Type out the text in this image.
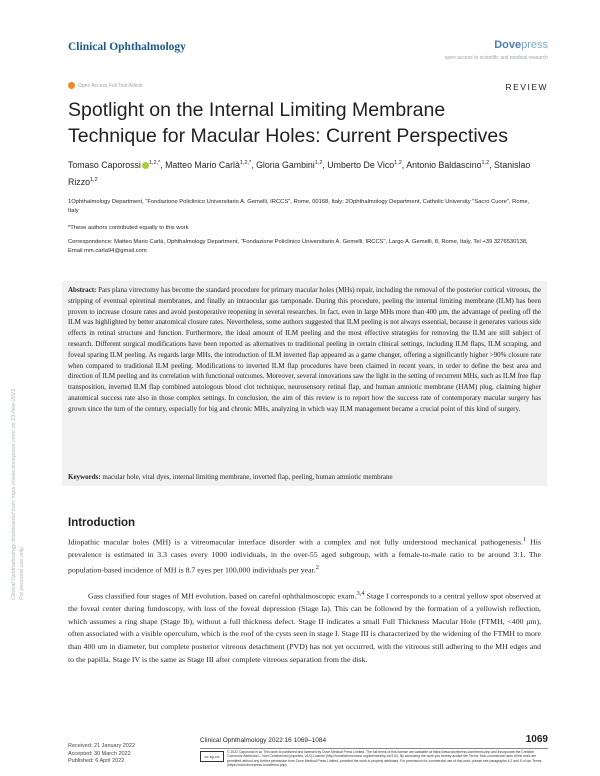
Clinical Ophthalmology	Dovepress
open access to scientific and medical research
Open Access Full Text Article	REVIEW
Spotlight on the Internal Limiting Membrane Technique for Macular Holes: Current Perspectives
Tomaso Caporossi $^{1,2,*}$, Matteo Mario Carlà$^{1,2,*}$, Gloria Gambini$^{1,2}$, Umberto De Vico$^{1,2}$, Antonio Baldascino$^{1,2}$, Stanislao Rizzo$^{1,2}$
1Ophthalmology Department, "Fondazione Policlinico Universitario A. Gemelli, IRCCS", Rome, 00168, Italy; 2Ophthalmology Department, Catholic University "Sacro Cuore", Rome, Italy
*These authors contributed equally to this work
Correspondence: Matteo Mario Carlà, Ophthalmology Department, "Fondazione Policlinico Universitario A. Gemelli, IRCCS", Largo A. Gemelli, 8, Rome, Italy, Tel +39 3276530138, Email mm.carla94@gmail.com
Abstract: Pars plana vitrectomy has become the standard procedure for primary macular holes (MHs) repair, including the removal of the posterior cortical vitreous, the stripping of eventual epiretinal membranes, and finally an intraocular gas tamponade. During this procedure, peeling the internal limiting membrane (ILM) has been proven to increase closure rates and avoid postoperative reopening in several researches. In fact, even in large MHs more than 400 μm, the advantage of peeling off the ILM was highlighted by better anatomical closure rates. Nevertheless, some authors suggested that ILM peeling is not always essential, because it generates various side effects in retinal structure and function. Furthermore, the ideal amount of ILM peeling and the most effective strategies for removing the ILM are still subject of research. Different surgical modifications have been reported as alternatives to traditional peeling in certain clinical settings, including ILM flaps, ILM scraping, and foveal sparing ILM peeling. As regards large MHs, the introduction of ILM inverted flap appeared as a game changer, offering a significantly higher >90% closure rate when compared to traditional ILM peeling. Modifications to inverted ILM flap procedures have been claimed in recent years, in order to define the best area and direction of ILM peeling and its correlation with functional outcomes. Moreover, several innovations saw the light in the setting of recurrent MHs, such as ILM free flap transposition, inverted ILM flap combined autologous blood clot technique, neurosensory retinal flap, and human amniotic membrane (HAM) plug, claiming higher anatomical success rate also in those complex settings. In conclusion, the aim of this review is to report how the success rate of contemporary macular surgery has grown since the turn of the century, especially for big and chronic MHs, analyzing in which way ILM management became a crucial point of this kind of surgery.
Keywords: macular hole, vital dyes, internal limiting membrane, inverted flap, peeling, human amniotic membrane
Introduction
Idiopathic macular holes (MH) is a vitreomacular interface disorder with a complex and not fully understood mechanical pathogenesis.$^1$ His prevalence is estimated in 3.3 cases every 1000 individuals, in the over-55 aged subgroup, with a female-to-male ratio to be around 3:1. The population-based incidence of MH is 8.7 eyes per 100,000 individuals per year.$^2$
Gass classified four stages of MH evolution, based on careful ophthalmoscopic exam.$^{3,4}$ Stage I corresponds to a central yellow spot observed at the foveal center during fundoscopy, with loss of the foveal depression (Stage Ia). This can be followed by the formation of a yellowish reflection, which assumes a ring shape (Stage Ib), without a full thickness defect. Stage II indicates a small Full Thickness Macular Hole (FTMH, <400 μm), often associated with a visible operculum, which is the roof of the cysts seen in stage I. Stage III is characterized by the widening of the FTMH to more than 400 um in diameter, but complete posterior vitreous detachment (PVD) has not yet occurred, with the vitreous still adhering to the MH edges and to the papilla. Stage IV is the same as Stage III after complete vitreous separation from the disk.
Clinical Ophthalmology downloaded from https://www.dovepress.com/ on 23-Nov-2023
For personal use only.
Clinical Ophthalmology 2022:16 1069–1084	1069
Received: 21 January 2022
Accepted: 30 March 2022
Published: 6 April 2022
cc by-nc
© 2022 Caporossi et al. This work is published and licensed by Dove Medical Press Limited. The full terms of this license are available at https://www.dovepress.com/terms.php and incorporate the Creative Commons Attribution – Non Commercial (unported, v3.0) License (http://creativecommons.org/licenses/by-nc/3.0/). By accessing the work you hereby accept the Terms. Non-commercial uses of the work are permitted without any further permission from Dove Medical Press Limited, provided the work is properly attributed. For permission for commercial use of this work, please see paragraphs 4.2 and 5 of our Terms (https://www.dovepress.com/terms.php).
